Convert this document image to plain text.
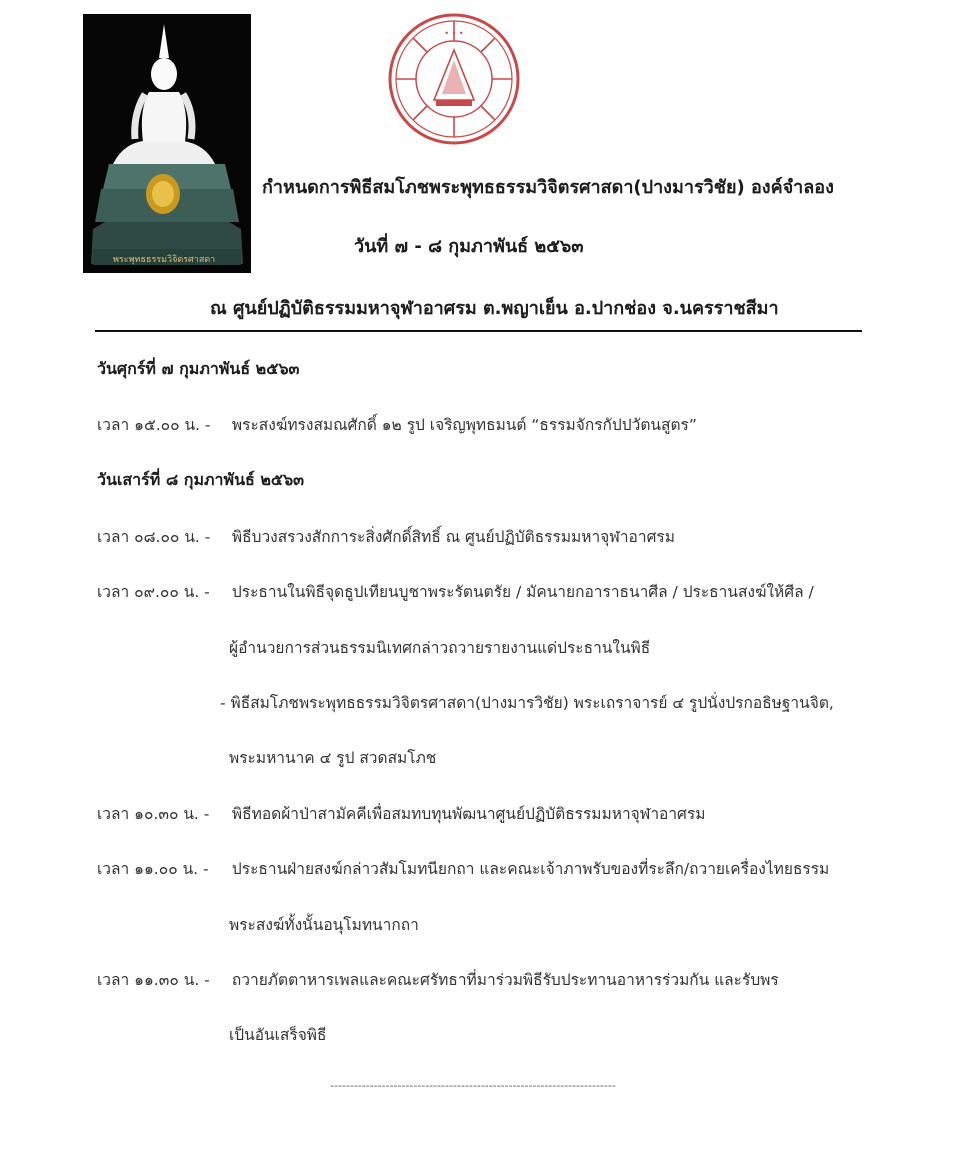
พระพุทธธรรมวิจิตรศาสดา
• • •
กำหนดการพิธีสมโภชพระพุทธธรรมวิจิตรศาสดา(ปางมารวิชัย) องค์จำลอง
วันที่ ๗ - ๘ กุมภาพันธ์ ๒๕๖๓
ณ ศูนย์ปฏิบัติธรรมมหาจุฬาอาศรม ต.พญาเย็น อ.ปากช่อง จ.นครราชสีมา
วันศุกร์ที่ ๗ กุมภาพันธ์ ๒๕๖๓
เวลา ๑๕.๐๐ น. - พระสงฆ์ทรงสมณศักดิ์ ๑๒ รูป เจริญพุทธมนต์ “ธรรมจักรกัปปวัตนสูตร”
วันเสาร์ที่ ๘ กุมภาพันธ์ ๒๕๖๓
เวลา ๐๘.๐๐ น. - พิธีบวงสรวงสักการะสิ่งศักดิ์สิทธิ์ ณ ศูนย์ปฏิบัติธรรมมหาจุฬาอาศรม
เวลา ๐๙.๐๐ น. - ประธานในพิธีจุดธูปเทียนบูชาพระรัตนตรัย / มัคนายกอาราธนาศีล / ประธานสงฆ์ให้ศีล /
ผู้อำนวยการส่วนธรรมนิเทศกล่าวถวายรายงานแด่ประธานในพิธี
- พิธีสมโภชพระพุทธธรรมวิจิตรศาสดา(ปางมารวิชัย) พระเถราจารย์ ๔ รูปนั่งปรกอธิษฐานจิต,
พระมหานาค ๔ รูป สวดสมโภช
เวลา ๑๐.๓๐ น. - พิธีทอดผ้าป่าสามัคคีเพื่อสมทบทุนพัฒนาศูนย์ปฏิบัติธรรมมหาจุฬาอาศรม
เวลา ๑๑.๐๐ น. - ประธานฝ่ายสงฆ์กล่าวสัมโมทนียกถา และคณะเจ้าภาพรับของที่ระลึก/ถวายเครื่องไทยธรรม
พระสงฆ์ทั้งนั้นอนุโมทนากถา
เวลา ๑๑.๓๐ น. - ถวายภัตตาหารเพลและคณะศรัทธาที่มาร่วมพิธีรับประทานอาหารร่วมกัน และรับพร
เป็นอันเสร็จพิธี
------------------------------------------------------------------------
